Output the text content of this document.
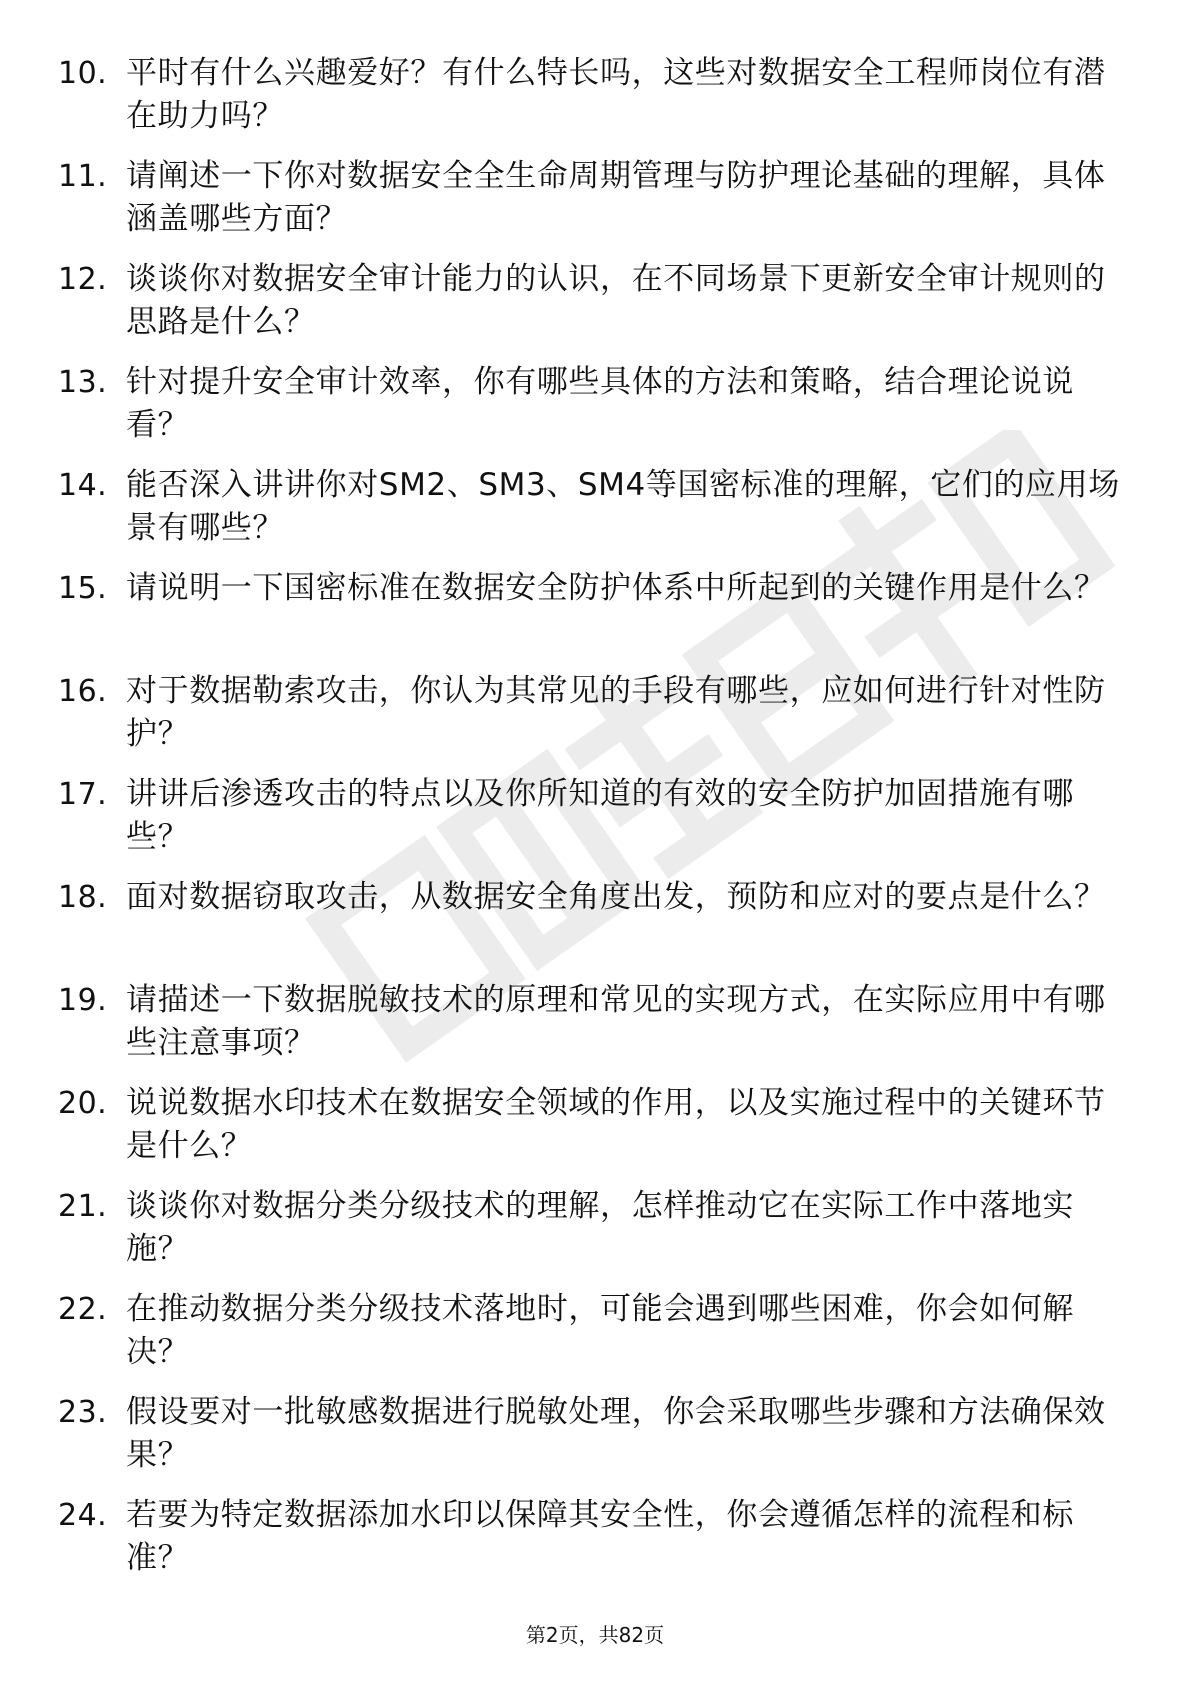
10. 平时有什么兴趣爱好？有什么特长吗，这些对数据安全工程师岗位有潜在助力吗？
11. 请阐述一下你对数据安全全生命周期管理与防护理论基础的理解，具体涵盖哪些方面？
12. 谈谈你对数据安全审计能力的认识，在不同场景下更新安全审计规则的思路是什么？
13. 针对提升安全审计效率，你有哪些具体的方法和策略，结合理论说说看？
14. 能否深入讲讲你对SM2、SM3、SM4等国密标准的理解，它们的应用场景有哪些？
15. 请说明一下国密标准在数据安全防护体系中所起到的关键作用是什么？
16. 对于数据勒索攻击，你认为其常见的手段有哪些，应如何进行针对性防护？
17. 讲讲后渗透攻击的特点以及你所知道的有效的安全防护加固措施有哪些？
18. 面对数据窃取攻击，从数据安全角度出发，预防和应对的要点是什么？
19. 请描述一下数据脱敏技术的原理和常见的实现方式，在实际应用中有哪些注意事项？
20. 说说数据水印技术在数据安全领域的作用，以及实施过程中的关键环节是什么？
21. 谈谈你对数据分类分级技术的理解，怎样推动它在实际工作中落地实施？
22. 在推动数据分类分级技术落地时，可能会遇到哪些困难，你会如何解决？
23. 假设要对一批敏感数据进行脱敏处理，你会采取哪些步骤和方法确保效果？
24. 若要为特定数据添加水印以保障其安全性，你会遵循怎样的流程和标准？
第2页，共82页
